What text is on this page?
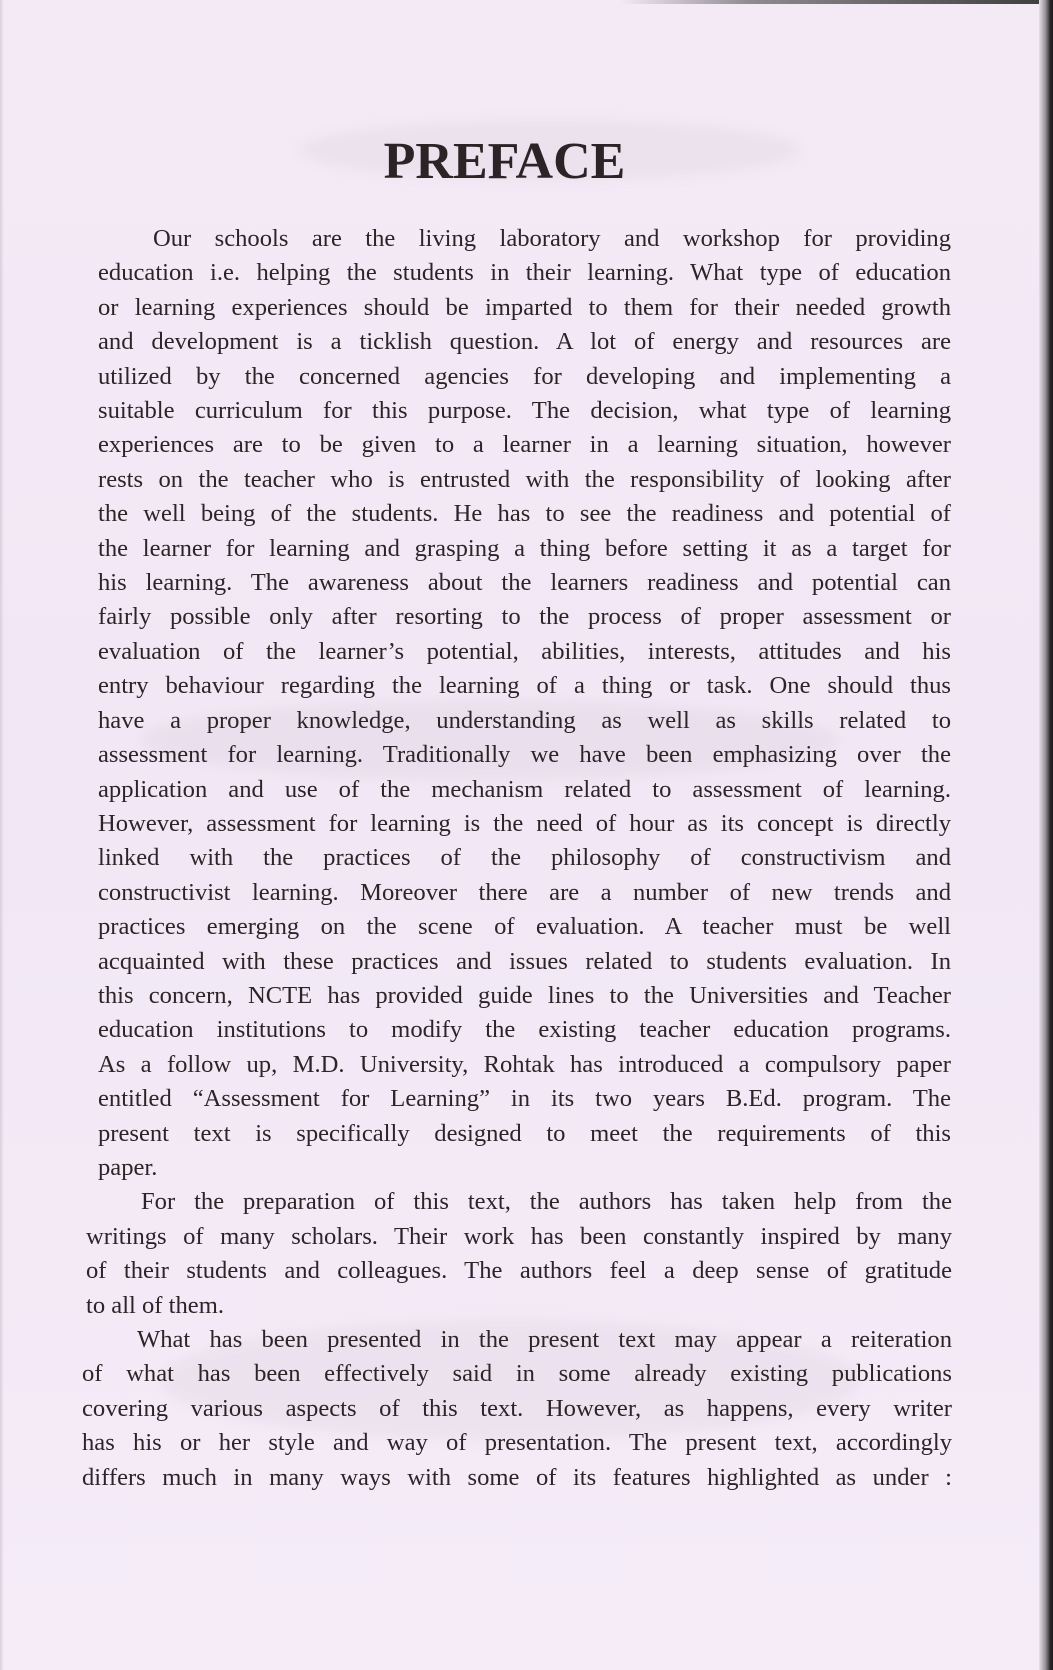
PREFACE

Our schools are the living laboratory and workshop for providing
education i.e. helping the students in their learning. What type of education
or learning experiences should be imparted to them for their needed growth
and development is a ticklish question. A lot of energy and resources are
utilized by the concerned agencies for developing and implementing a
suitable curriculum for this purpose. The decision, what type of learning
experiences are to be given to a learner in a learning situation, however
rests on the teacher who is entrusted with the responsibility of looking after
the well being of the students. He has to see the readiness and potential of
the learner for learning and grasping a thing before setting it as a target for
his learning. The awareness about the learners readiness and potential can
fairly possible only after resorting to the process of proper assessment or
evaluation of the learner’s potential, abilities, interests, attitudes and his
entry behaviour regarding the learning of a thing or task. One should thus
have a proper knowledge, understanding as well as skills related to
assessment for learning. Traditionally we have been emphasizing over the
application and use of the mechanism related to assessment of learning.
However, assessment for learning is the need of hour as its concept is directly
linked with the practices of the philosophy of constructivism and
constructivist learning. Moreover there are a number of new trends and
practices emerging on the scene of evaluation. A teacher must be well
acquainted with these practices and issues related to students evaluation. In
this concern, NCTE has provided guide lines to the Universities and Teacher
education institutions to modify the existing teacher education programs.
As a follow up, M.D. University, Rohtak has introduced a compulsory paper
entitled “Assessment for Learning” in its two years B.Ed. program. The
present text is specifically designed to meet the requirements of this
paper.

For the preparation of this text, the authors has taken help from the
writings of many scholars. Their work has been constantly inspired by many
of their students and colleagues. The authors feel a deep sense of gratitude
to all of them.

What has been presented in the present text may appear a reiteration
of what has been effectively said in some already existing publications
covering various aspects of this text. However, as happens, every writer
has his or her style and way of presentation. The present text, accordingly
differs much in many ways with some of its features highlighted as under :
